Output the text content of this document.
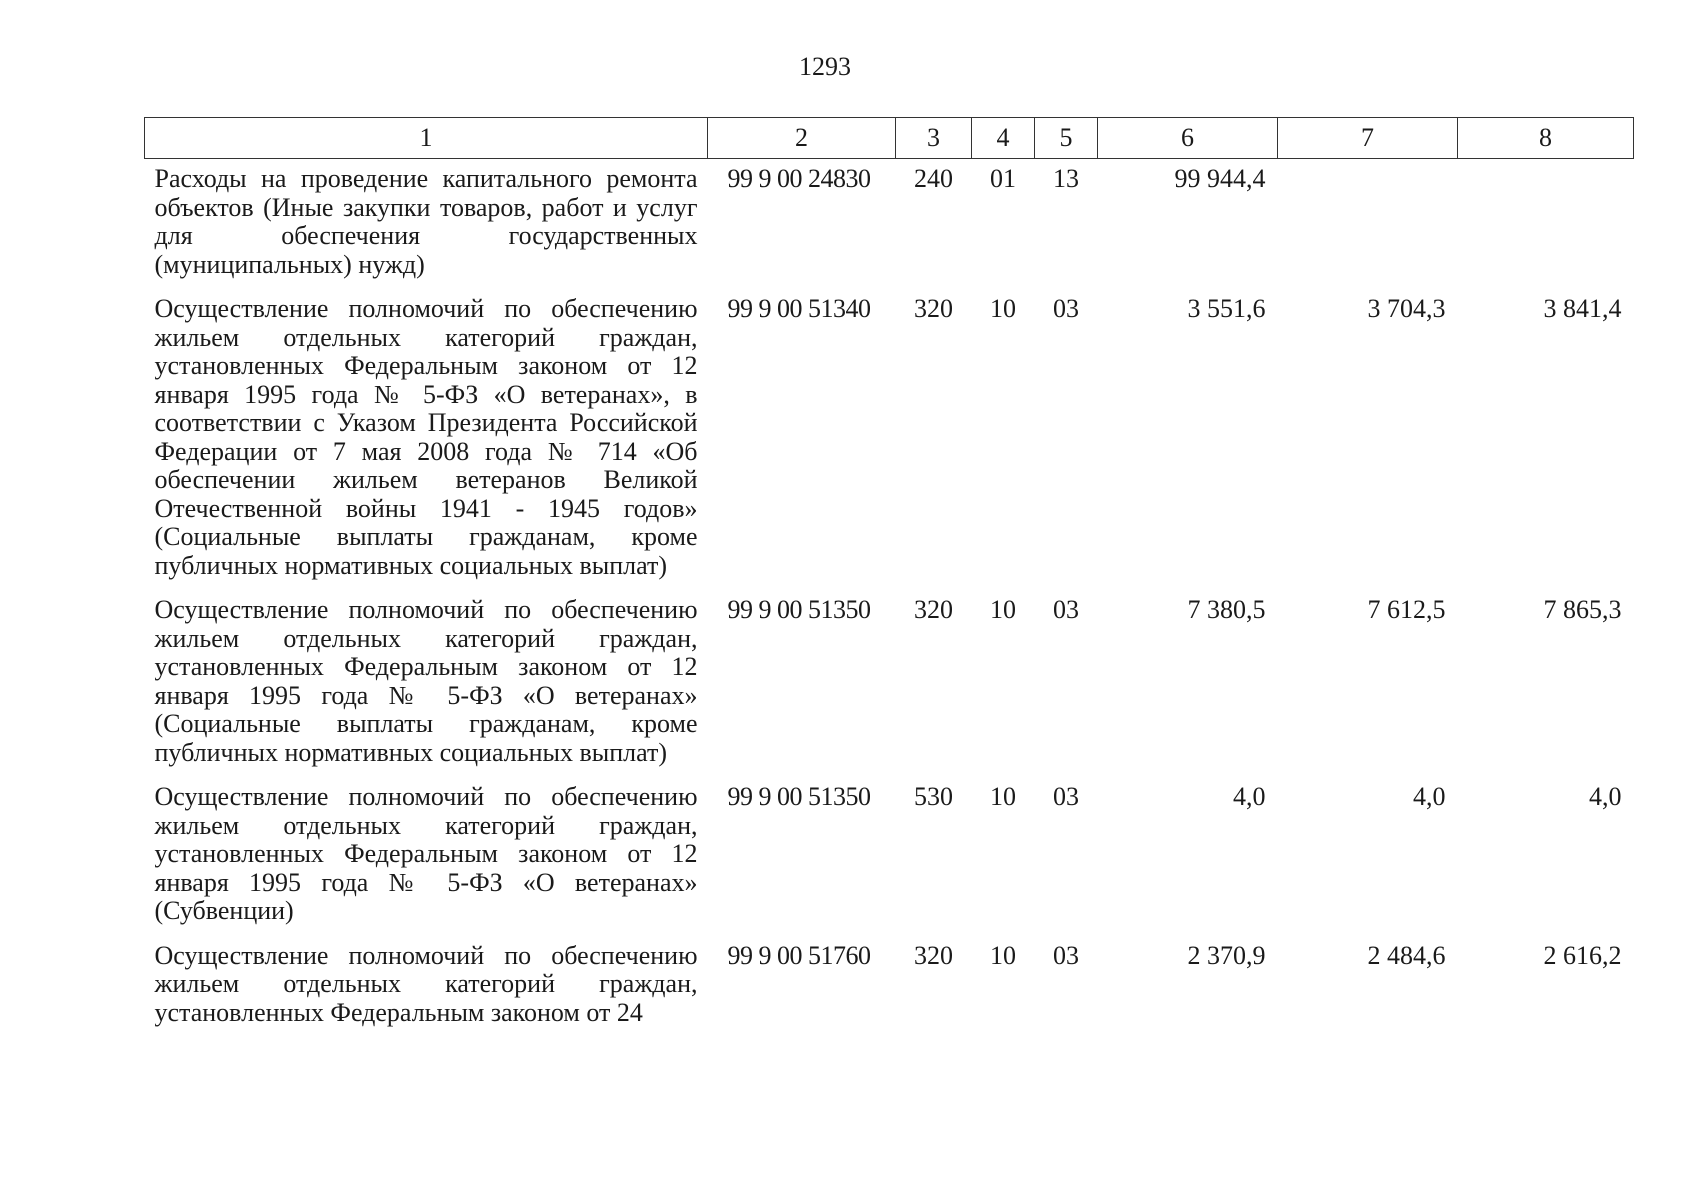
1293
1	2	3	4	5	6	7	8
Расходы на проведение капитального ремонта объектов (Иные закупки товаров, работ и услуг для обеспечения государственных (муниципальных) нужд)	99 9 00 24830	240	01	13	99 944,4		
Осуществление полномочий по обеспечению жильем отдельных категорий граждан, установленных Федеральным законом от 12 января 1995 года № 5-ФЗ «О ветеранах», в соответствии с Указом Президента Российской Федерации от 7 мая 2008 года № 714 «Об обеспечении жильем ветеранов Великой Отечественной войны 1941 - 1945 годов» (Социальные выплаты гражданам, кроме публичных нормативных социальных выплат)	99 9 00 51340	320	10	03	3 551,6	3 704,3	3 841,4
Осуществление полномочий по обеспечению жильем отдельных категорий граждан, установленных Федеральным законом от 12 января 1995 года № 5-ФЗ «О ветеранах» (Социальные выплаты гражданам, кроме публичных нормативных социальных выплат)	99 9 00 51350	320	10	03	7 380,5	7 612,5	7 865,3
Осуществление полномочий по обеспечению жильем отдельных категорий граждан, установленных Федеральным законом от 12 января 1995 года № 5-ФЗ «О ветеранах» (Субвенции)	99 9 00 51350	530	10	03	4,0	4,0	4,0
Осуществление полномочий по обеспечению жильем отдельных категорий граждан, установленных Федеральным законом от 24	99 9 00 51760	320	10	03	2 370,9	2 484,6	2 616,2
